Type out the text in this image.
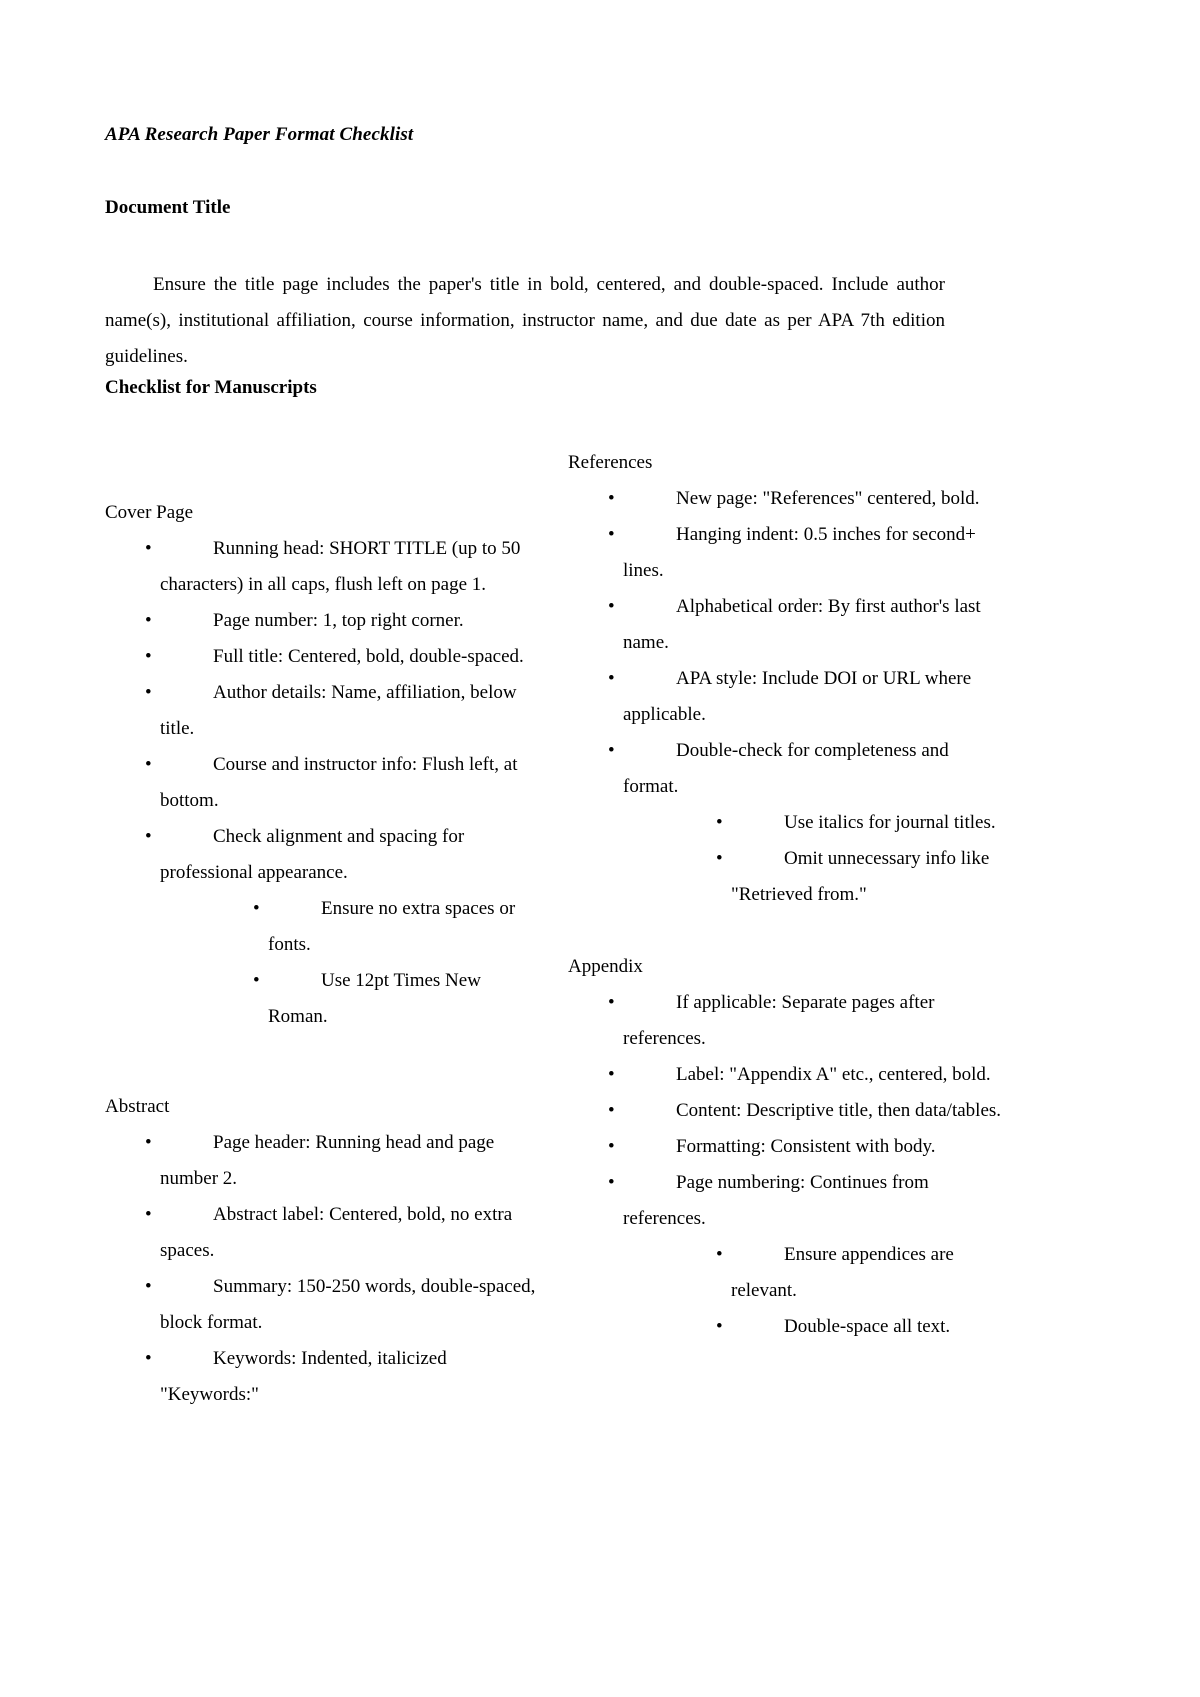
APA Research Paper Format Checklist
Document Title
Ensure the title page includes the paper's title in bold, centered, and double-spaced. Include author name(s), institutional affiliation, course information, instructor name, and due date as per APA 7th edition guidelines.
Checklist for Manuscripts
Cover Page
•	Running head: SHORT TITLE (up to 50 characters) in all caps, flush left on page 1.
•	Page number: 1, top right corner.
•	Full title: Centered, bold, double-spaced.
•	Author details: Name, affiliation, below title.
•	Course and instructor info: Flush left, at bottom.
•	Check alignment and spacing for professional appearance.
•	Ensure no extra spaces or fonts.
•	Use 12pt Times New Roman.
Abstract
•	Page header: Running head and page number 2.
•	Abstract label: Centered, bold, no extra spaces.
•	Summary: 150-250 words, double-spaced, block format.
•	Keywords: Indented, italicized "Keywords:"
References
•	New page: "References" centered, bold.
•	Hanging indent: 0.5 inches for second+ lines.
•	Alphabetical order: By first author's last name.
•	APA style: Include DOI or URL where applicable.
•	Double-check for completeness and format.
•	Use italics for journal titles.
•	Omit unnecessary info like "Retrieved from."
Appendix
•	If applicable: Separate pages after references.
•	Label: "Appendix A" etc., centered, bold.
•	Content: Descriptive title, then data/tables.
•	Formatting: Consistent with body.
•	Page numbering: Continues from references.
•	Ensure appendices are relevant.
•	Double-space all text.
